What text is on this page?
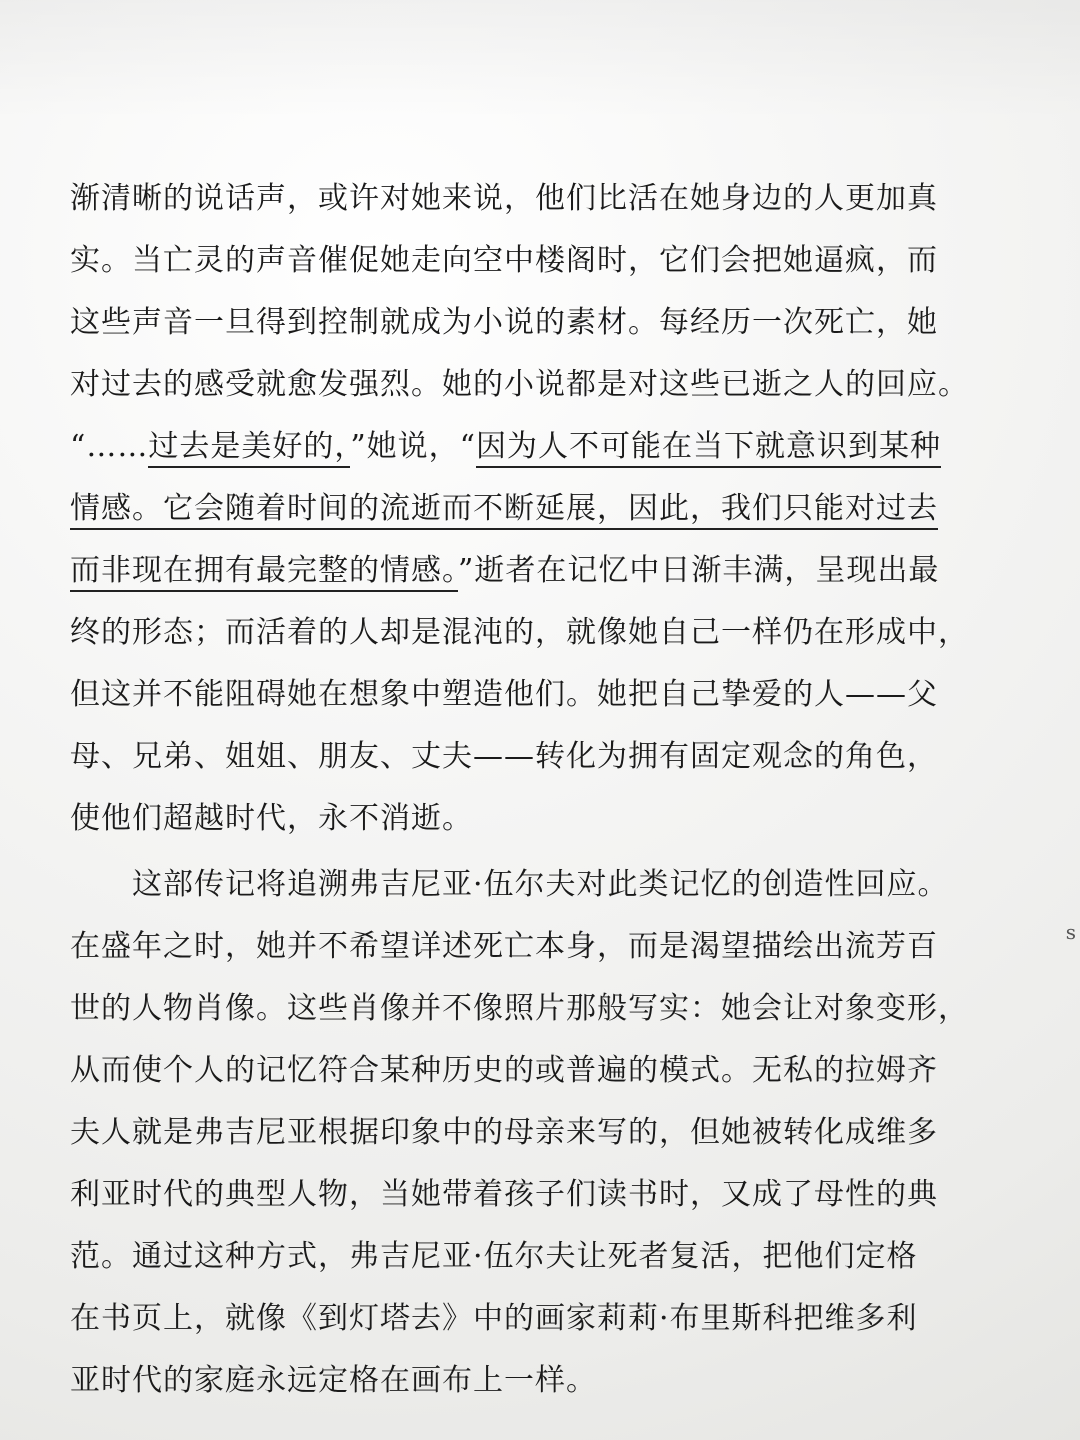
渐清晰的说话声，或许对她来说，他们比活在她身边的人更加真
实。当亡灵的声音催促她走向空中楼阁时，它们会把她逼疯，而
这些声音一旦得到控制就成为小说的素材。每经历一次死亡，她
对过去的感受就愈发强烈。她的小说都是对这些已逝之人的回应。
“……过去是美好的，”她说，“因为人不可能在当下就意识到某种
情感。它会随着时间的流逝而不断延展，因此，我们只能对过去
而非现在拥有最完整的情感。”逝者在记忆中日渐丰满，呈现出最
终的形态；而活着的人却是混沌的，就像她自己一样仍在形成中，
但这并不能阻碍她在想象中塑造他们。她把自己挚爱的人——父
母、兄弟、姐姐、朋友、丈夫——转化为拥有固定观念的角色，
使他们超越时代，永不消逝。
这部传记将追溯弗吉尼亚·伍尔夫对此类记忆的创造性回应。
在盛年之时，她并不希望详述死亡本身，而是渴望描绘出流芳百
世的人物肖像。这些肖像并不像照片那般写实：她会让对象变形，
从而使个人的记忆符合某种历史的或普遍的模式。无私的拉姆齐
夫人就是弗吉尼亚根据印象中的母亲来写的，但她被转化成维多
利亚时代的典型人物，当她带着孩子们读书时，又成了母性的典
范。通过这种方式，弗吉尼亚·伍尔夫让死者复活，把他们定格
在书页上，就像《到灯塔去》中的画家莉莉·布里斯科把维多利
亚时代的家庭永远定格在画布上一样。
s
